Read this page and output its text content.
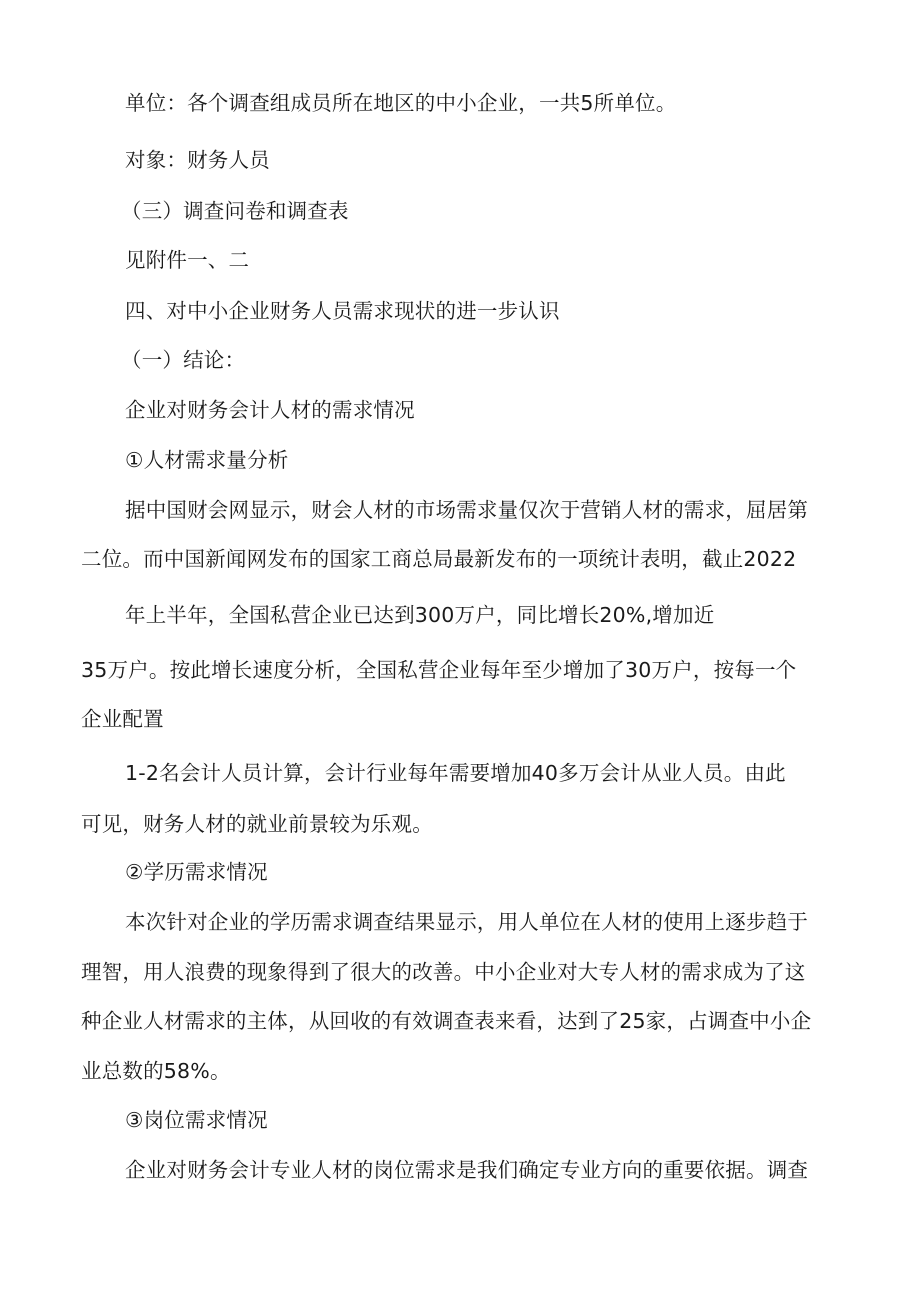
单位：各个调查组成员所在地区的中小企业，一共5所单位。
对象：财务人员
（三）调查问卷和调查表
见附件一、二
四、对中小企业财务人员需求现状的进一步认识
（一）结论：
企业对财务会计人材的需求情况
①人材需求量分析
据中国财会网显示，财会人材的市场需求量仅次于营销人材的需求，屈居第
二位。而中国新闻网发布的国家工商总局最新发布的一项统计表明，截止2022
年上半年，全国私营企业已达到300万户，同比增长20%,增加近
35万户。按此增长速度分析，全国私营企业每年至少增加了30万户，按每一个
企业配置
1-2名会计人员计算，会计行业每年需要增加40多万会计从业人员。由此
可见，财务人材的就业前景较为乐观。
②学历需求情况
本次针对企业的学历需求调查结果显示，用人单位在人材的使用上逐步趋于
理智，用人浪费的现象得到了很大的改善。中小企业对大专人材的需求成为了这
种企业人材需求的主体，从回收的有效调查表来看，达到了25家，占调查中小企
业总数的58%。
③岗位需求情况
企业对财务会计专业人材的岗位需求是我们确定专业方向的重要依据。调查
